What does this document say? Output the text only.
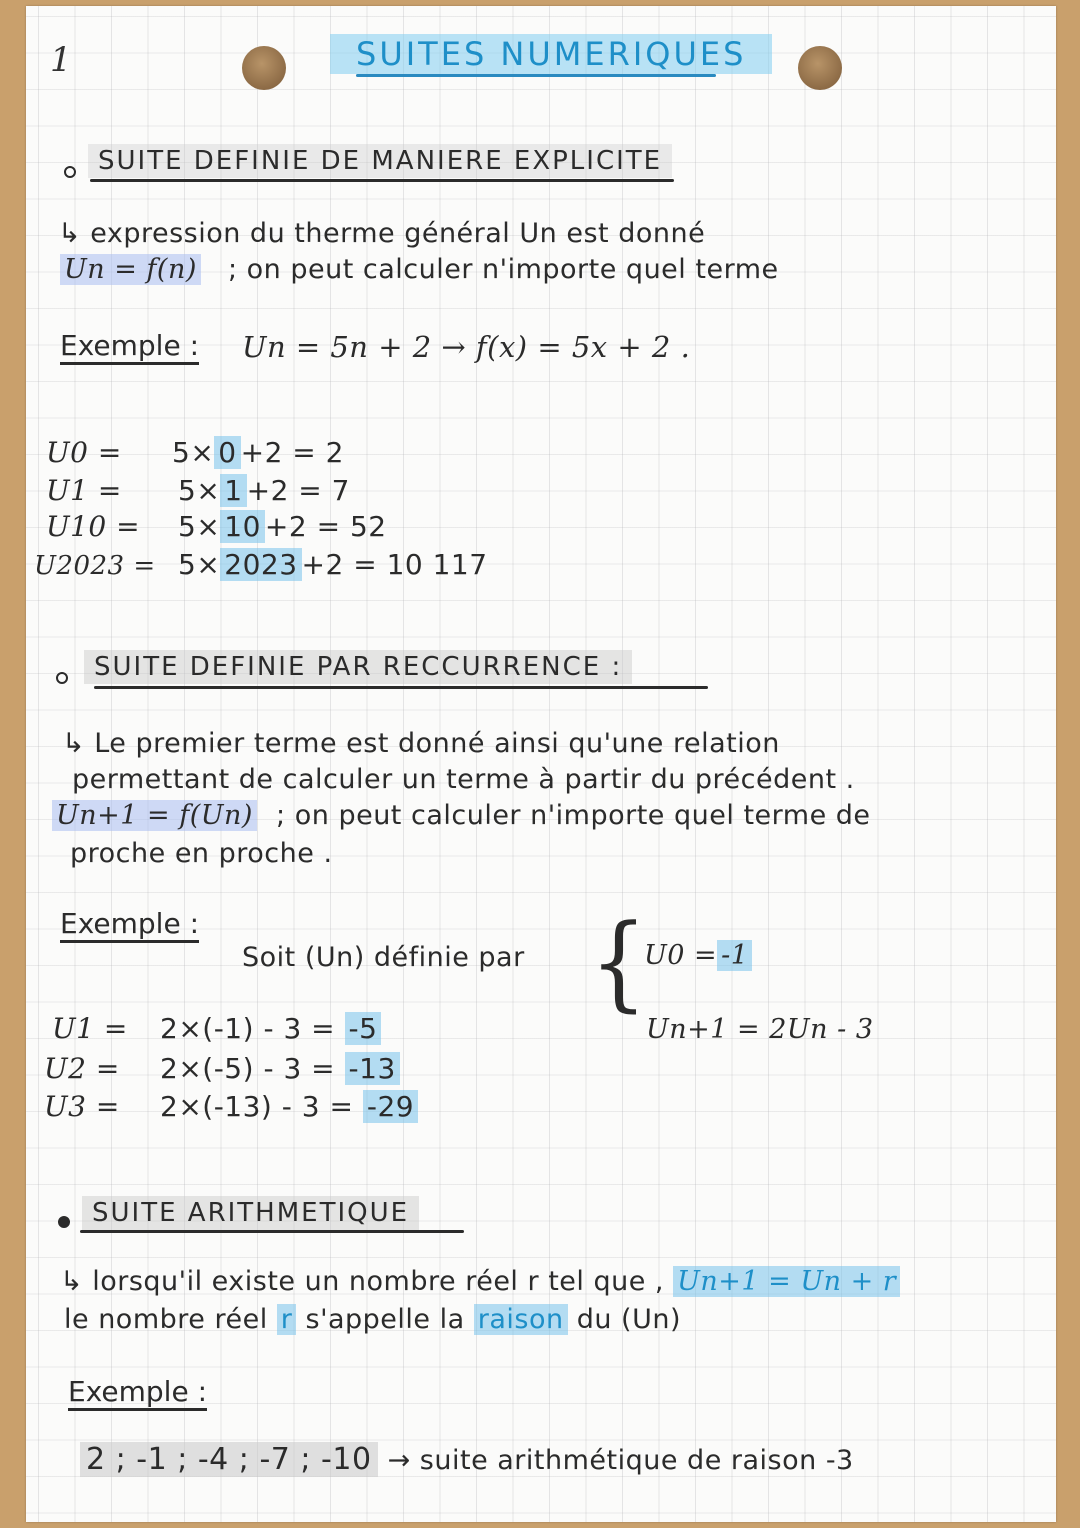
1	SUITES NUMERIQUES
SUITE DEFINIE DE MANIERE EXPLICITE
↳ expression du therme général Un est donné
Un = f(n) ; on peut calculer n'importe quel terme
Exemple : Un = 5n + 2 → f(x) = 5x + 2 .
U0 = 5× 0 +2 = 2
U1 = 5× 1 +2 = 7
U10 = 5× 10 +2 = 52
U2023 = 5× 2023 +2 = 10 117
SUITE DEFINIE PAR RECCURRENCE :
↳ Le premier terme est donné ainsi qu'une relation
permettant de calculer un terme à partir du précédent .
Un+1 = f(Un) ; on peut calculer n'importe quel terme de
proche en proche .
Exemple :
Soit (Un) définie par {
U0 = -1
Un+1 = 2Un - 3
U1 = 2×(-1) - 3 = -5
U2 = 2×(-5) - 3 = -13
U3 = 2×(-13) - 3 = -29
SUITE ARITHMETIQUE
↳ lorsqu'il existe un nombre réel r tel que , Un+1 = Un + r
le nombre réel r s'appelle la raison du (Un)
Exemple :
2 ; -1 ; -4 ; -7 ; -10 → suite arithmétique de raison -3
